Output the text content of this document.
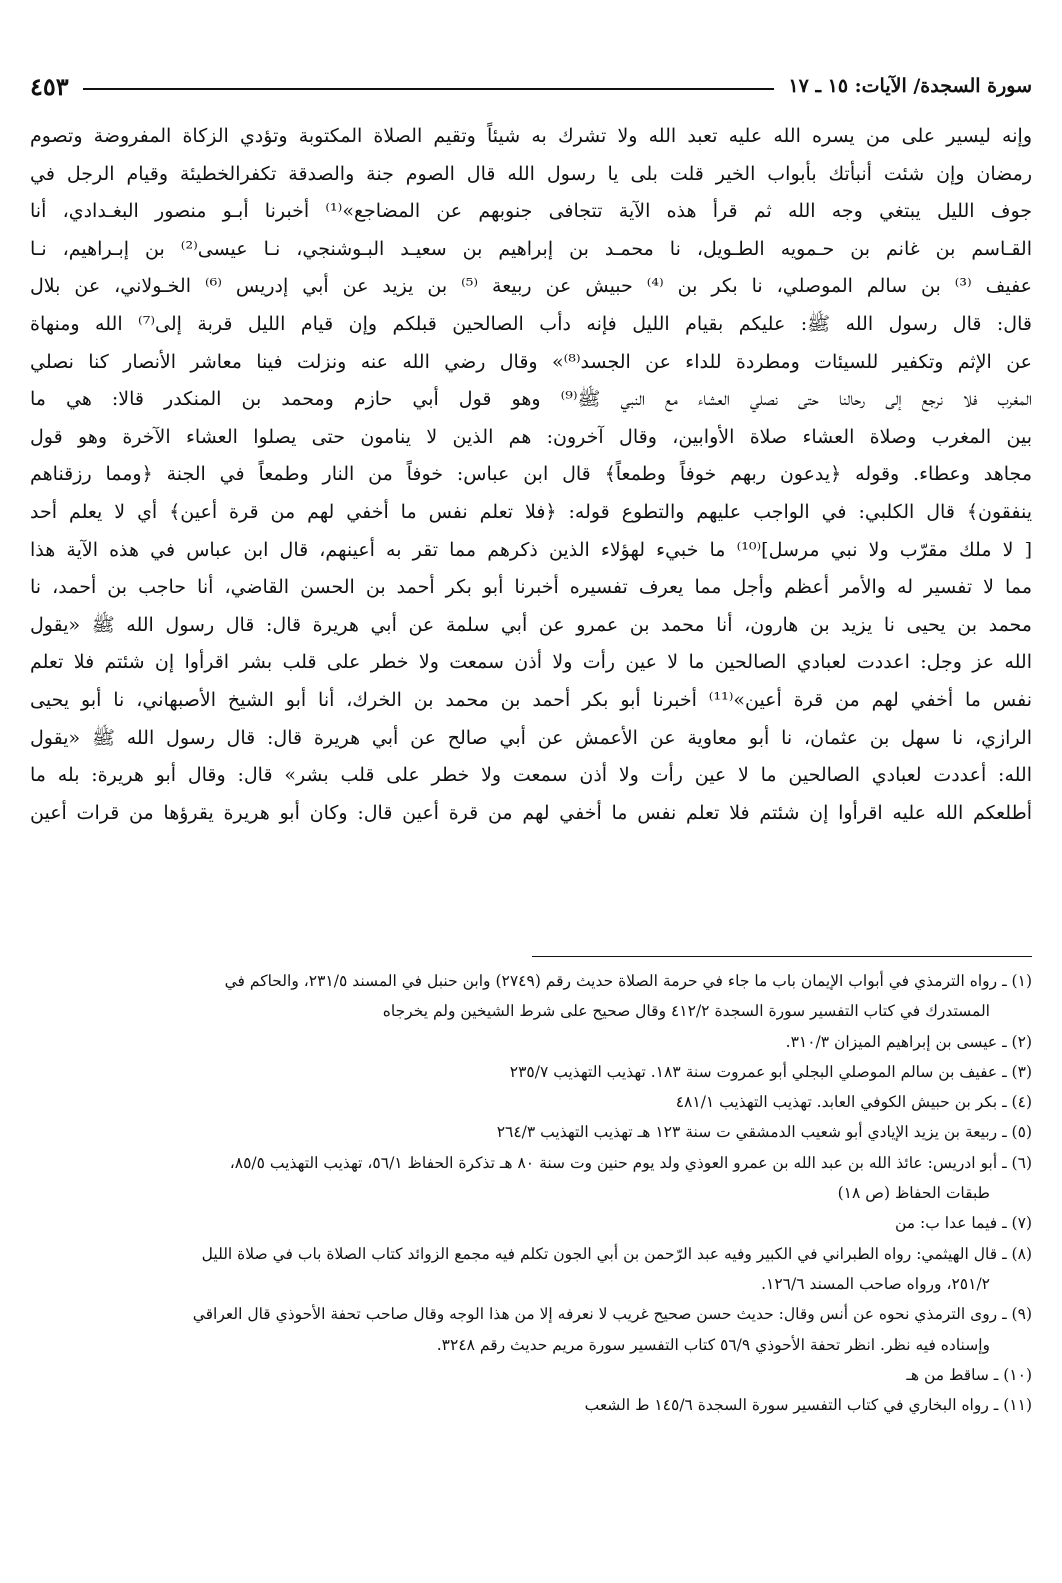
سورة السجدة/ الآيات: ١٥ ـ ١٧
٤٥٣
وإنه ليسير على من يسره الله عليه تعبد الله ولا تشرك به شيئاً وتقيم الصلاة المكتوبة وتؤدي الزكاة المفروضة وتصوم
رمضان وإن شئت أنبأتك بأبواب الخير قلت بلى يا رسول الله قال الصوم جنة والصدقة تكفرالخطيئة وقيام الرجل في
جوف الليل يبتغي وجه الله ثم قرأ هذه الآية تتجافى جنوبهم عن المضاجع»⁽¹⁾ أخبرنا أبـو منصور البغـدادي، أنا
القـاسم بن غانم بن حـمويه الطـويل، نا محمـد بن إبراهيم بن سعيـد البـوشنجي، نـا عيسى⁽²⁾ بن إبـراهيم، نـا
عفيف ⁽³⁾ بن سالم الموصلي، نا بكر بن ⁽⁴⁾ حبيش عن ربيعة ⁽⁵⁾ بن يزيد عن أبي إدريس ⁽⁶⁾ الخـولاني، عن بلال
قال: قال رسول الله ﷺ: عليكم بقيام الليل فإنه دأب الصالحين قبلكم وإن قيام الليل قربة إلى⁽⁷⁾ الله ومنهاة
عن الإثم وتكفير للسيئات ومطردة للداء عن الجسد⁽⁸⁾» وقال رضي الله عنه ونزلت فينا معاشر الأنصار كنا نصلي
المغرب فلا نرجع إلى رحالنا حتى نصلي العشاء مع النبي ﷺ⁽⁹⁾ وهو قول أبي حازم ومحمد بن المنكدر قالا: هي ما
بين المغرب وصلاة العشاء صلاة الأوابين، وقال آخرون: هم الذين لا ينامون حتى يصلوا العشاء الآخرة وهو قول
مجاهد وعطاء. وقوله ﴿يدعون ربهم خوفاً وطمعاً﴾ قال ابن عباس: خوفاً من النار وطمعاً في الجنة ﴿ومما رزقناهم
ينفقون﴾ قال الكلبي: في الواجب عليهم والتطوع قوله: ﴿فلا تعلم نفس ما أخفي لهم من قرة أعين﴾ أي لا يعلم أحد
[ لا ملك مقرّب ولا نبي مرسل]⁽¹⁰⁾ ما خبيء لهؤلاء الذين ذكرهم مما تقر به أعينهم، قال ابن عباس في هذه الآية هذا
مما لا تفسير له والأمر أعظم وأجل مما يعرف تفسيره أخبرنا أبو بكر أحمد بن الحسن القاضي، أنا حاجب بن أحمد، نا
محمد بن يحيى نا يزيد بن هارون، أنا محمد بن عمرو عن أبي سلمة عن أبي هريرة قال: قال رسول الله ﷺ «يقول
الله عز وجل: اعددت لعبادي الصالحين ما لا عين رأت ولا أذن سمعت ولا خطر على قلب بشر اقرأوا إن شئتم فلا تعلم
نفس ما أخفي لهم من قرة أعين»⁽¹¹⁾ أخبرنا أبو بكر أحمد بن محمد بن الخرك، أنا أبو الشيخ الأصبهاني، نا أبو يحيى
الرازي، نا سهل بن عثمان، نا أبو معاوية عن الأعمش عن أبي صالح عن أبي هريرة قال: قال رسول الله ﷺ «يقول
الله: أعددت لعبادي الصالحين ما لا عين رأت ولا أذن سمعت ولا خطر على قلب بشر» قال: وقال أبو هريرة: بله ما
أطلعكم الله عليه اقرأوا إن شئتم فلا تعلم نفس ما أخفي لهم من قرة أعين قال: وكان أبو هريرة يقرؤها من قرات أعين
(١) ـ رواه الترمذي في أبواب الإيمان باب ما جاء في حرمة الصلاة حديث رقم (٢٧٤٩) وابن حنبل في المسند ٢٣١/٥، والحاكم في
المستدرك في كتاب التفسير سورة السجدة ٤١٢/٢ وقال صحيح على شرط الشيخين ولم يخرجاه
(٢) ـ عيسى بن إبراهيم الميزان ٣١٠/٣.
(٣) ـ عفيف بن سالم الموصلي البجلي أبو عمروت سنة ١٨٣. تهذيب التهذيب ٢٣٥/٧
(٤) ـ بكر بن حبيش الكوفي العابد. تهذيب التهذيب ٤٨١/١
(٥) ـ ربيعة بن يزيد الإيادي أبو شعيب الدمشقي ت سنة ١٢٣ هـ تهذيب التهذيب ٢٦٤/٣
(٦) ـ أبو ادريس: عائذ الله بن عبد الله بن عمرو العوذي ولد يوم حنين وت سنة ٨٠ هـ تذكرة الحفاظ ٥٦/١، تهذيب التهذيب ٨٥/٥،
طبقات الحفاظ (ص ١٨)
(٧) ـ فيما عدا ب: من
(٨) ـ قال الهيثمي: رواه الطبراني في الكبير وفيه عبد الرّحمن بن أبي الجون تكلم فيه مجمع الزوائد كتاب الصلاة باب في صلاة الليل
٢٥١/٢، ورواه صاحب المسند ١٢٦/٦.
(٩) ـ روى الترمذي نحوه عن أنس وقال: حديث حسن صحيح غريب لا نعرفه إلا من هذا الوجه وقال صاحب تحفة الأحوذي قال العراقي
وإسناده فيه نظر. انظر تحفة الأحوذي ٥٦/٩ كتاب التفسير سورة مريم حديث رقم ٣٢٤٨.
(١٠) ـ ساقط من هـ
(١١) ـ رواه البخاري في كتاب التفسير سورة السجدة ١٤٥/٦ ط الشعب
